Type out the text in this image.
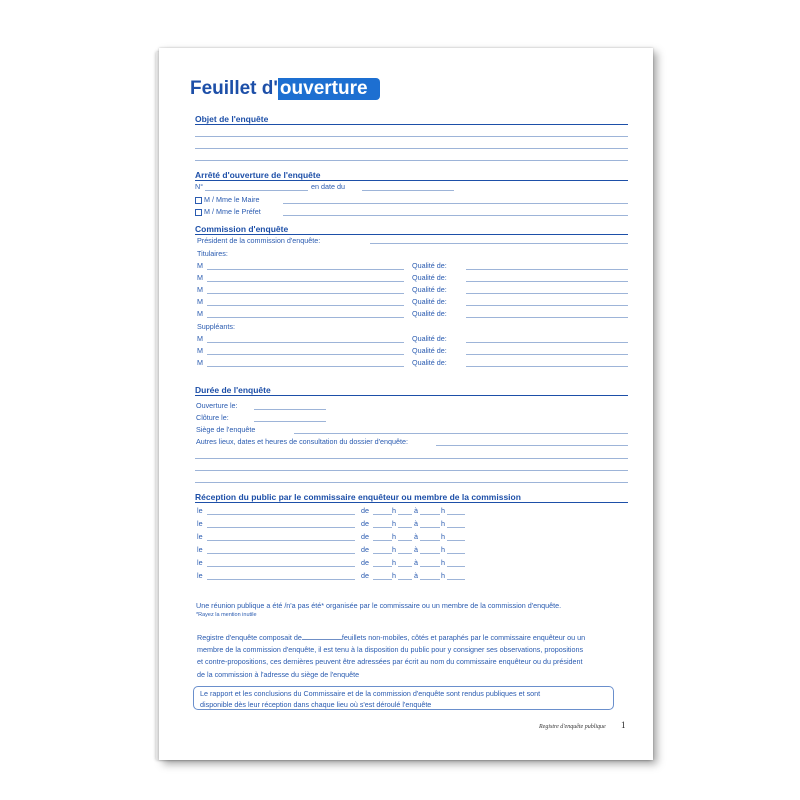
Feuillet d' ouverture
Objet de l'enquête
Arrêté d'ouverture de l'enquête
N°	en date du
M / Mme le Maire
M / Mme le Préfet
Commission d'enquête
Président de la commission d'enquête:
Titulaires:
M	Qualité de:
M	Qualité de:
M	Qualité de:
M	Qualité de:
M	Qualité de:
Suppléants:
M	Qualité de:
M	Qualité de:
M	Qualité de:
Durée de l'enquête
Ouverture le:
Clôture le:
Siège de l'enquête
Autres lieux, dates et heures de consultation du dossier d'enquête:
Réception du public par le commissaire enquêteur ou membre de la commission
le	de	h	à	h
le	de	h	à	h
le	de	h	à	h
le	de	h	à	h
le	de	h	à	h
le	de	h	à	h
Une réunion publique a été /n'a pas été* organisée par le commissaire ou un membre de la commission d'enquête.
*Rayez la mention inutile
Registre d'enquête composait de	feuillets non-mobiles, côtés et paraphés par le commissaire enquêteur ou un
membre de la commission d'enquête, il est tenu à la disposition du public pour y consigner ses observations, propositions
et contre-propositions, ces dernières peuvent être adressées par écrit au nom du commissaire enquêteur ou du président
de la commission à l'adresse du siège de l'enquête
Le rapport et les conclusions du Commissaire et de la commission d'enquête sont rendus publiques et sont
disponible dès leur réception dans chaque lieu où s'est déroulé l'enquête
Registre d'enquête publique 1
